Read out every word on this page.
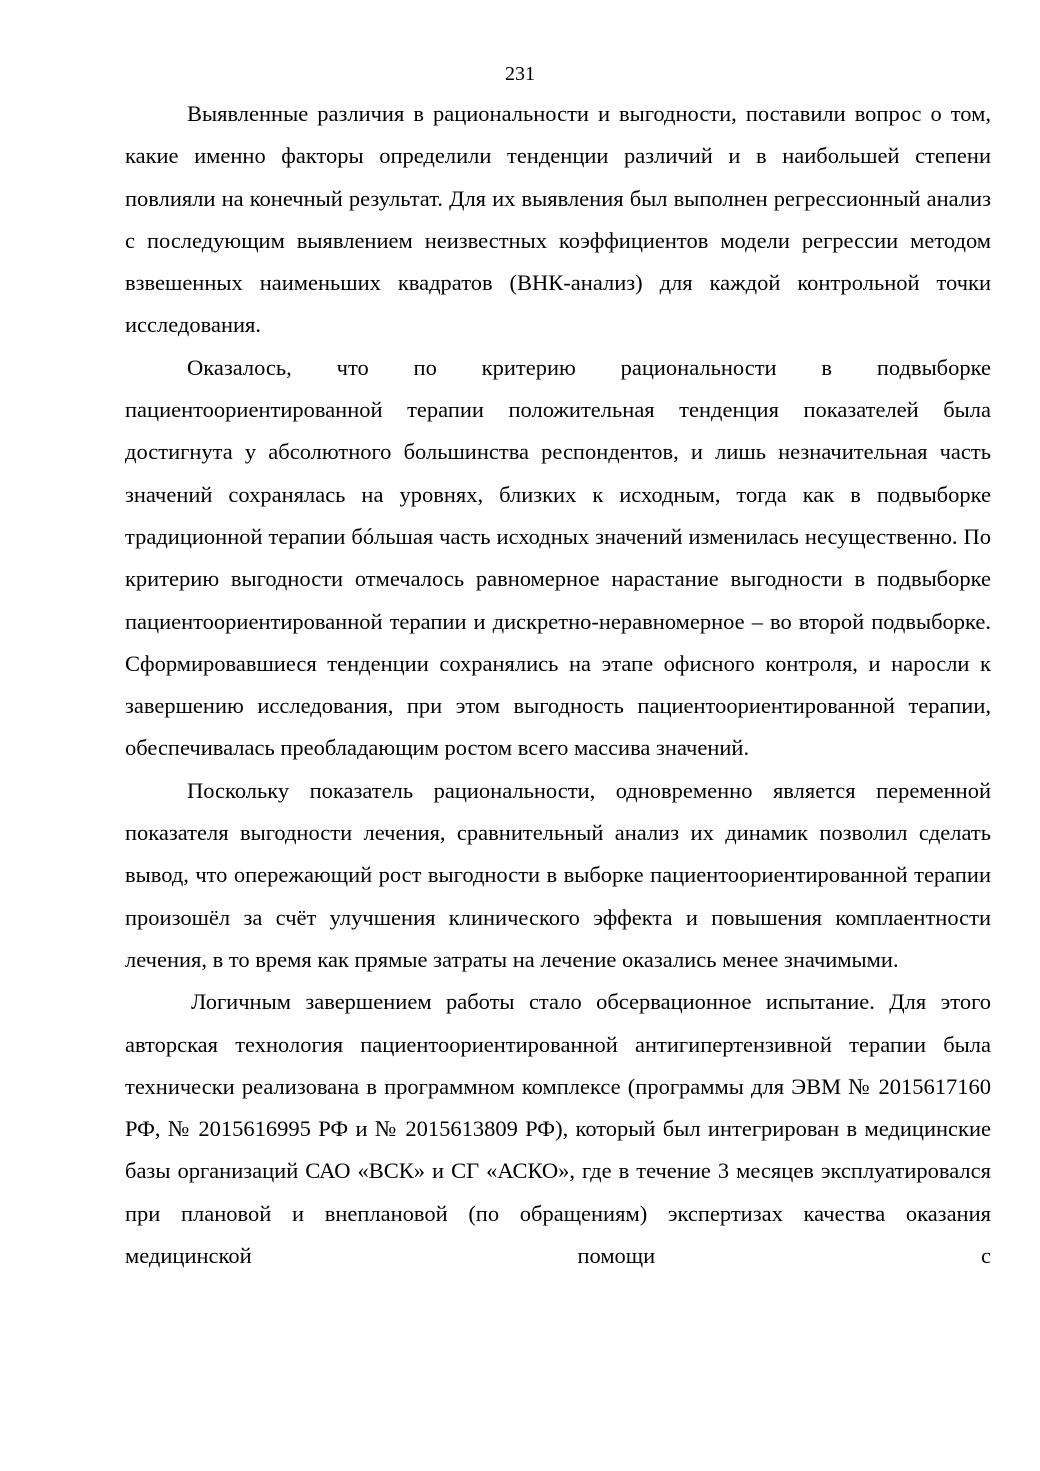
231

Выявленные различия в рациональности и выгодности, поставили вопрос о том, какие именно факторы определили тенденции различий и в наибольшей степени повлияли на конечный результат. Для их выявления был выполнен регрессионный анализ с последующим выявлением неизвестных коэффициентов модели регрессии методом взвешенных наименьших квадратов (ВНК-анализ) для каждой контрольной точки исследования.

Оказалось, что по критерию рациональности в подвыборке пациентоориентированной терапии положительная тенденция показателей была достигнута у абсолютного большинства респондентов, и лишь незначительная часть значений сохранялась на уровнях, близких к исходным, тогда как в подвыборке традиционной терапии бóльшая часть исходных значений изменилась несущественно. По критерию выгодности отмечалось равномерное нарастание выгодности в подвыборке пациентоориентированной терапии и дискретно-неравномерное – во второй подвыборке. Сформировавшиеся тенденции сохранялись на этапе офисного контроля, и наросли к завершению исследования, при этом выгодность пациентоориентированной терапии, обеспечивалась преобладающим ростом всего массива значений.

Поскольку показатель рациональности, одновременно является переменной показателя выгодности лечения, сравнительный анализ их динамик позволил сделать вывод, что опережающий рост выгодности в выборке пациентоориентированной терапии произошёл за счёт улучшения клинического эффекта и повышения комплаентности лечения, в то время как прямые затраты на лечение оказались менее значимыми.

Логичным завершением работы стало обсервационное испытание. Для этого авторская технология пациентоориентированной антигипертензивной терапии была технически реализована в программном комплексе (программы для ЭВМ № 2015617160 РФ, № 2015616995 РФ и № 2015613809 РФ), который был интегрирован в медицинские базы организаций САО «ВСК» и СГ «АСКО», где в течение 3 месяцев эксплуатировался при плановой и внеплановой (по обращениям) экспертизах качества оказания медицинской помощи с
